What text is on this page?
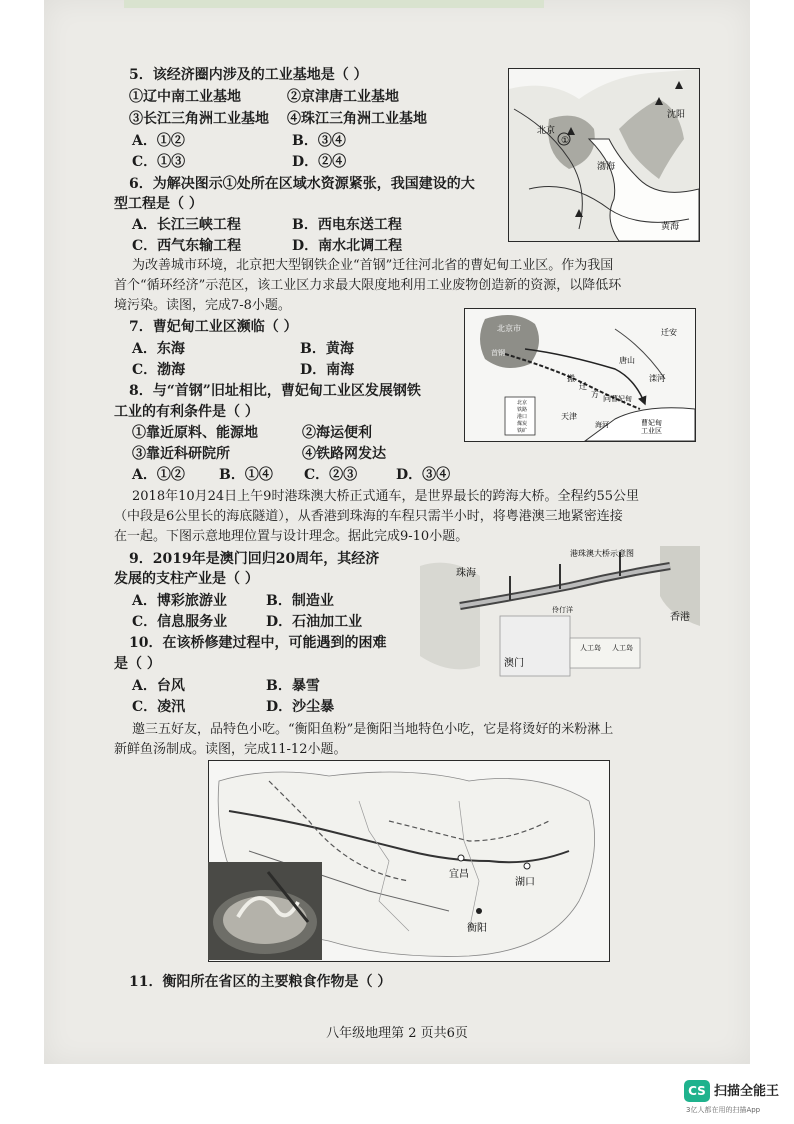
5．该经济圈内涉及的工业基地是（ ）
①辽中南工业基地	②京津唐工业基地
③长江三角洲工业基地 ④珠江三角洲工业基地
A．①②	B．③④
C．①③	D．②④
6．为解决图示①处所在区域水资源紧张，我国建设的大
型工程是（ ）
A．长江三峡工程	B．西电东送工程
C．西气东输工程	D．南水北调工程
①
北京
沈阳
渤海
黄海
为改善城市环境，北京把大型钢铁企业“首钢”迁往河北省的曹妃甸工业区。作为我国
首个“循环经济”示范区，该工业区力求最大限度地利用工业废物创造新的资源，以降低环
境污染。读图，完成7-8小题。
7．曹妃甸工业区濒临（ ）
A．东海	B．黄海
C．渤海	D．南海
北京市
首钢
迁安
唐山
滦河
天津
海河
搬
迁
方 向 曹妃甸
曹妃甸
工业区
北京
铁路
港口
煤炭
铁矿
8．与“首钢”旧址相比，曹妃甸工业区发展钢铁
工业的有利条件是（ ）
①靠近原料、能源地	②海运便利
③靠近科研院所	④铁路网发达
A．①② B．①④ C．②③	D．③④
2018年10月24日上午9时港珠澳大桥正式通车，是世界最长的跨海大桥。全程约55公里
（中段是6公里长的海底隧道），从香港到珠海的车程只需半小时，将粤港澳三地紧密连接
在一起。下图示意地理位置与设计理念。据此完成9-10小题。
9．2019年是澳门回归20周年，其经济
发展的支柱产业是（ ）
A．博彩旅游业	B．制造业
C．信息服务业	D．石油加工业
港珠澳大桥示意图
珠海
香港
澳门
伶仃洋
人工岛 人工岛
10．在该桥修建过程中，可能遇到的困难
是（ ）
A．台风	B．暴雪
C．凌汛	D．沙尘暴
邀三五好友，品特色小吃。“衡阳鱼粉”是衡阳当地特色小吃，它是将烫好的米粉淋上
新鲜鱼汤制成。读图，完成11-12小题。
宜昌
湖口
衡阳
11．衡阳所在省区的主要粮食作物是（ ）
八年级地理第 2 页共6页
CS 扫描全能王
3亿人都在用的扫描App
